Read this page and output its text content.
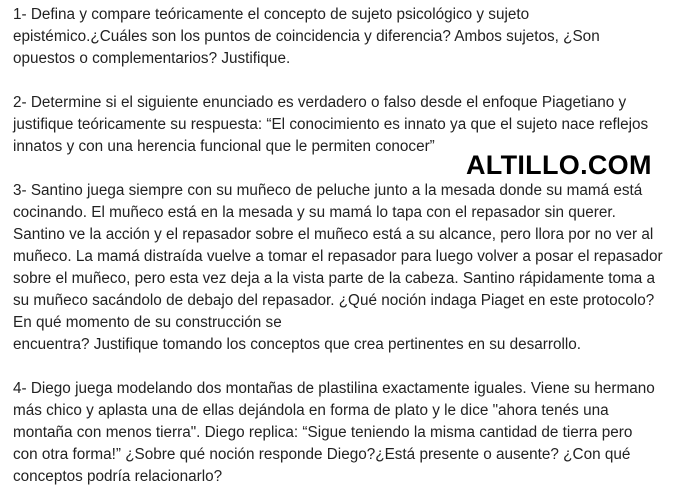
1- Defina y compare teóricamente el concepto de sujeto psicológico y sujeto
epistémico.¿Cuáles son los puntos de coincidencia y diferencia? Ambos sujetos, ¿Son
opuestos o complementarios? Justifique.
2- Determine si el siguiente enunciado es verdadero o falso desde el enfoque Piagetiano y
justifique teóricamente su respuesta: “El conocimiento es innato ya que el sujeto nace reflejos
innatos y con una herencia funcional que le permiten conocer”
3- Santino juega siempre con su muñeco de peluche junto a la mesada donde su mamá está
cocinando. El muñeco está en la mesada y su mamá lo tapa con el repasador sin querer.
Santino ve la acción y el repasador sobre el muñeco está a su alcance, pero llora por no ver al
muñeco. La mamá distraída vuelve a tomar el repasador para luego volver a posar el repasador
sobre el muñeco, pero esta vez deja a la vista parte de la cabeza. Santino rápidamente toma a
su muñeco sacándolo de debajo del repasador. ¿Qué noción indaga Piaget en este protocolo?
En qué momento de su construcción se
encuentra? Justifique tomando los conceptos que crea pertinentes en su desarrollo.
4- Diego juega modelando dos montañas de plastilina exactamente iguales. Viene su hermano
más chico y aplasta una de ellas dejándola en forma de plato y le dice "ahora tenés una
montaña con menos tierra". Diego replica: “Sigue teniendo la misma cantidad de tierra pero
con otra forma!” ¿Sobre qué noción responde Diego?¿Está presente o ausente? ¿Con qué
conceptos podría relacionarlo?
ALTILLO.COM
